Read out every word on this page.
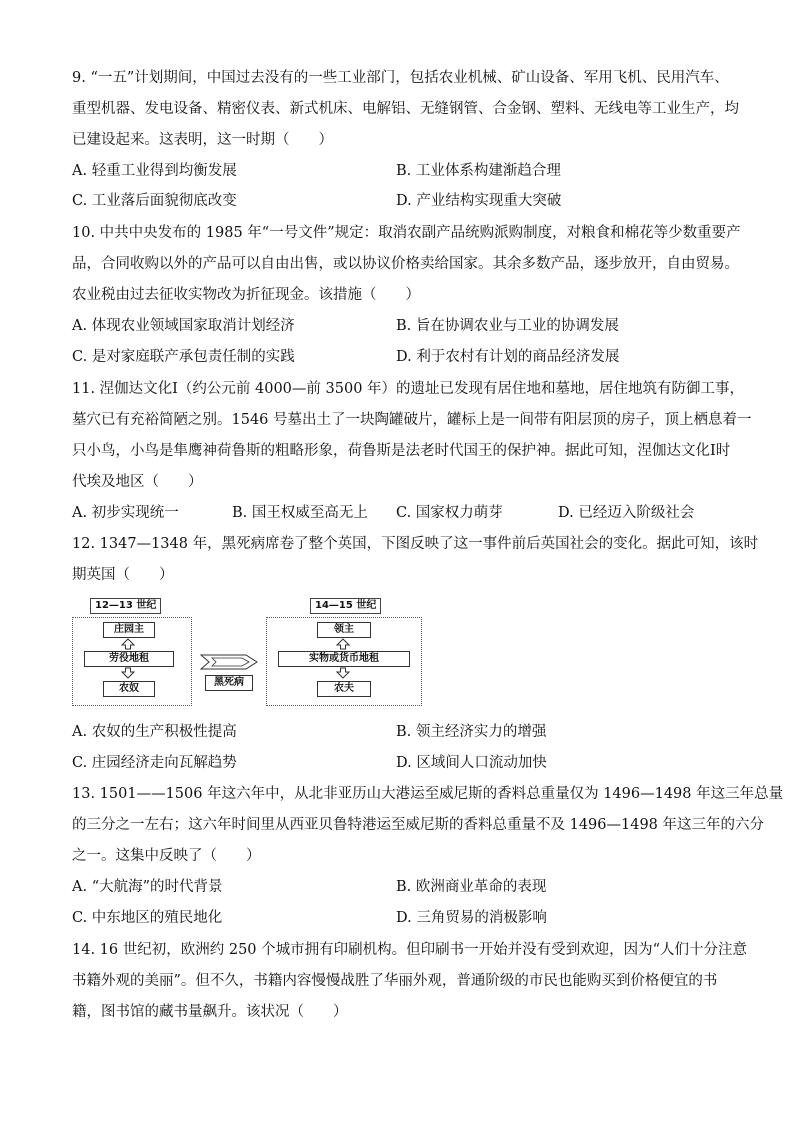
9. “一五”计划期间，中国过去没有的一些工业部门，包括农业机械、矿山设备、军用飞机、民用汽车、
重型机器、发电设备、精密仪表、新式机床、电解铝、无缝钢管、合金钢、塑料、无线电等工业生产，均
已建设起来。这表明，这一时期（　　）
A. 轻重工业得到均衡发展	B. 工业体系构建渐趋合理
C. 工业落后面貌彻底改变	D. 产业结构实现重大突破
10. 中共中央发布的 1985 年“一号文件”规定：取消农副产品统购派购制度，对粮食和棉花等少数重要产
品，合同收购以外的产品可以自由出售，或以协议价格卖给国家。其余多数产品，逐步放开，自由贸易。
农业税由过去征收实物改为折征现金。该措施（　　）
A. 体现农业领域国家取消计划经济	B. 旨在协调农业与工业的协调发展
C. 是对家庭联产承包责任制的实践	D. 利于农村有计划的商品经济发展
11. 涅伽达文化Ⅰ（约公元前 4000—前 3500 年）的遗址已发现有居住地和墓地，居住地筑有防御工事，
墓穴已有充裕简陋之别。1546 号墓出土了一块陶罐破片，罐标上是一间带有阳层顶的房子，顶上栖息着一
只小鸟，小鸟是隼鹰神荷鲁斯的粗略形象，荷鲁斯是法老时代国王的保护神。据此可知，涅伽达文化Ⅰ时
代埃及地区（　　）
A. 初步实现统一	B. 国王权威至高无上 C. 国家权力萌芽	D. 已经迈入阶级社会
12. 1347—1348 年，黑死病席卷了整个英国，下图反映了这一事件前后英国社会的变化。据此可知，该时
期英国（　　）
12—13 世纪
庄园主
劳役地租
农奴
黑死病
14—15 世纪
领主
实物或货币地租
农夫
A. 农奴的生产积极性提高	B. 领主经济实力的增强
C. 庄园经济走向瓦解趋势	D. 区域间人口流动加快
13. 1501——1506 年这六年中，从北非亚历山大港运至威尼斯的香料总重量仅为 1496—1498 年这三年总量
的三分之一左右；这六年时间里从西亚贝鲁特港运至威尼斯的香料总重量不及 1496—1498 年这三年的六分
之一。这集中反映了（　　）
A. “大航海”的时代背景	B. 欧洲商业革命的表现
C. 中东地区的殖民地化	D. 三角贸易的消极影响
14. 16 世纪初，欧洲约 250 个城市拥有印刷机构。但印刷书一开始并没有受到欢迎，因为“人们十分注意
书籍外观的美丽”。但不久，书籍内容慢慢战胜了华丽外观，普通阶级的市民也能购买到价格便宜的书
籍，图书馆的藏书量飙升。该状况（　　）
